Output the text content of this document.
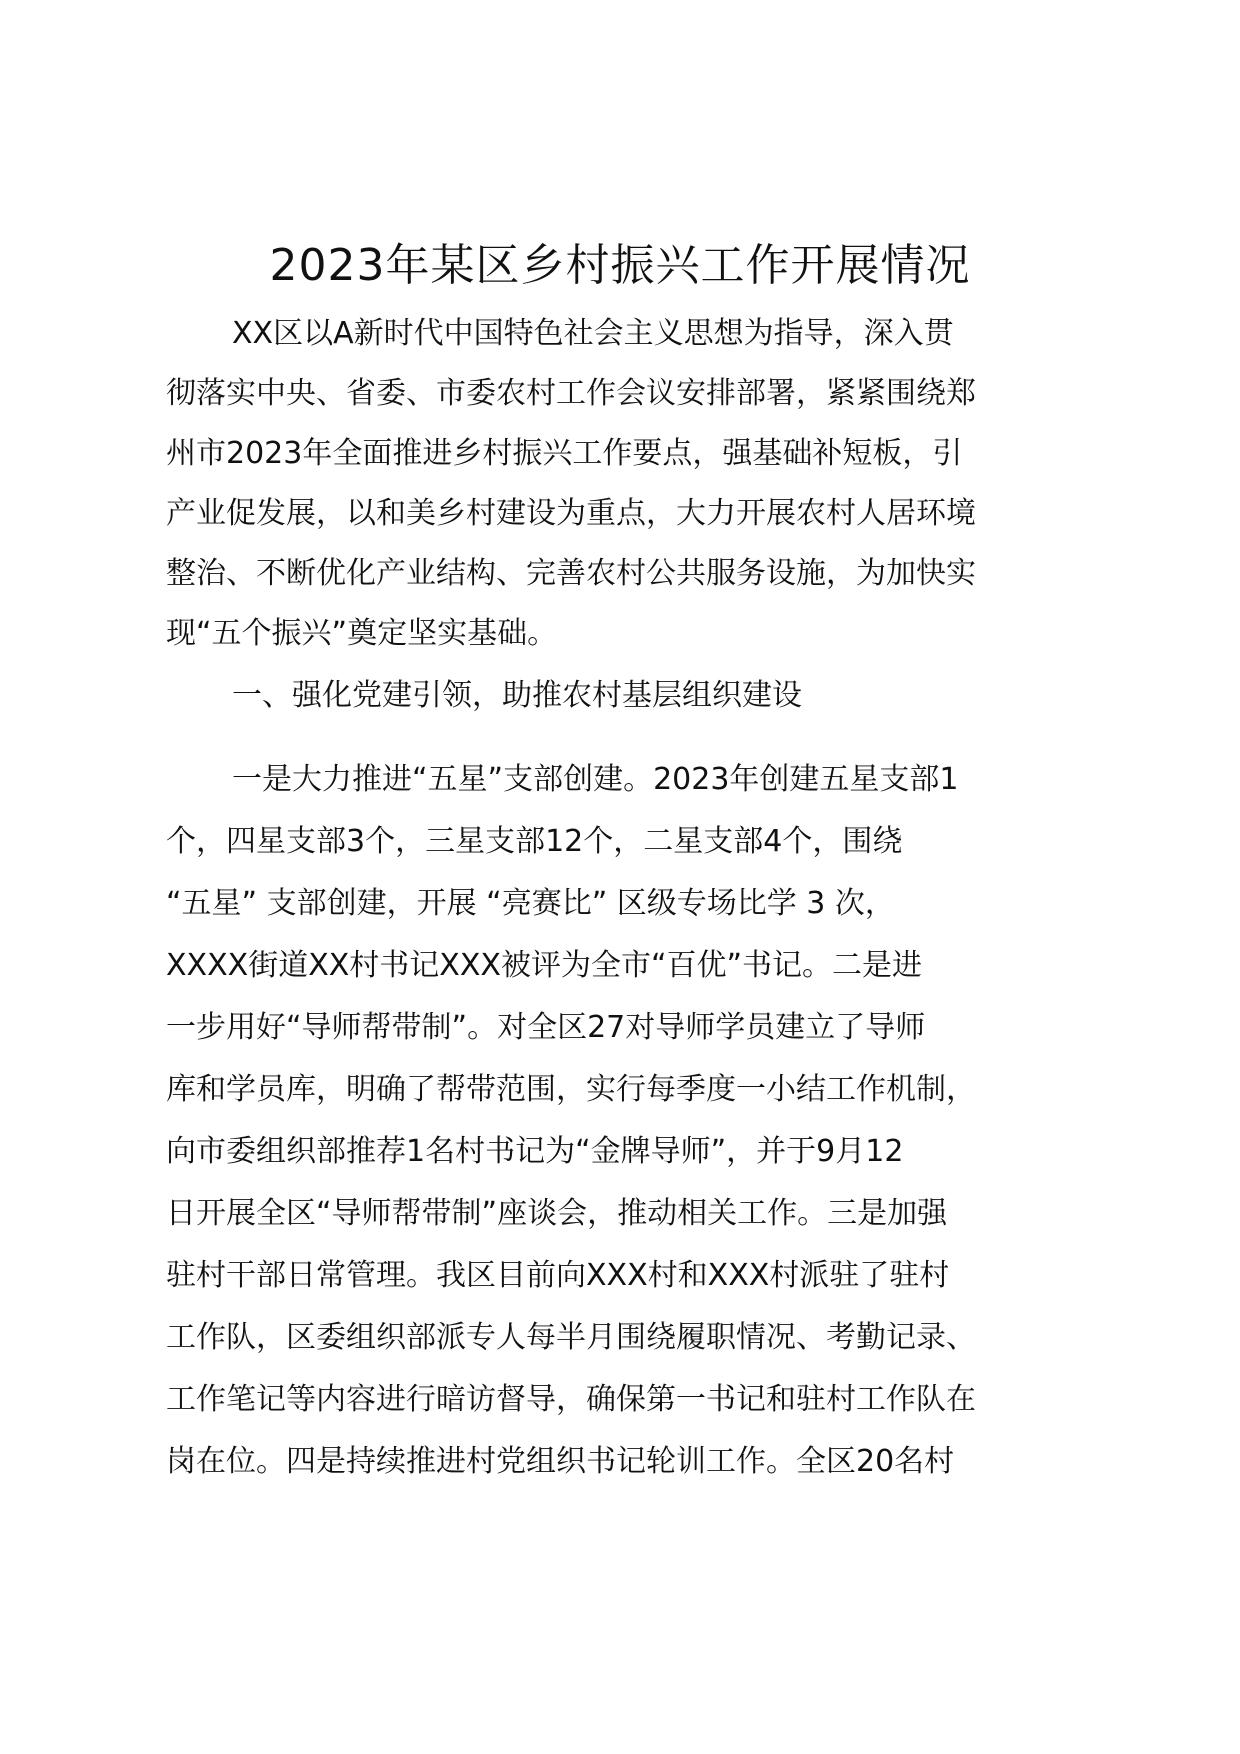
2023年某区乡村振兴工作开展情况

XX区以A新时代中国特色社会主义思想为指导，深入贯

彻落实中央、省委、市委农村工作会议安排部署，紧紧围绕郑

州市2023年全面推进乡村振兴工作要点，强基础补短板，引

产业促发展，以和美乡村建设为重点，大力开展农村人居环境

整治、不断优化产业结构、完善农村公共服务设施，为加快实

现“五个振兴”奠定坚实基础。

一、强化党建引领，助推农村基层组织建设

一是大力推进“五星”支部创建。2023年创建五星支部1

个，四星支部3个，三星支部12个，二星支部4个，围绕

“五星” 支部创建，开展 “亮赛比” 区级专场比学 3 次，

XXXX街道XX村书记XXX被评为全市“百优”书记。二是进

一步用好“导师帮带制”。对全区27对导师学员建立了导师

库和学员库，明确了帮带范围，实行每季度一小结工作机制，

向市委组织部推荐1名村书记为“金牌导师”，并于9月12

日开展全区“导师帮带制”座谈会，推动相关工作。三是加强

驻村干部日常管理。我区目前向XXX村和XXX村派驻了驻村

工作队，区委组织部派专人每半月围绕履职情况、考勤记录、

工作笔记等内容进行暗访督导，确保第一书记和驻村工作队在

岗在位。四是持续推进村党组织书记轮训工作。全区20名村
